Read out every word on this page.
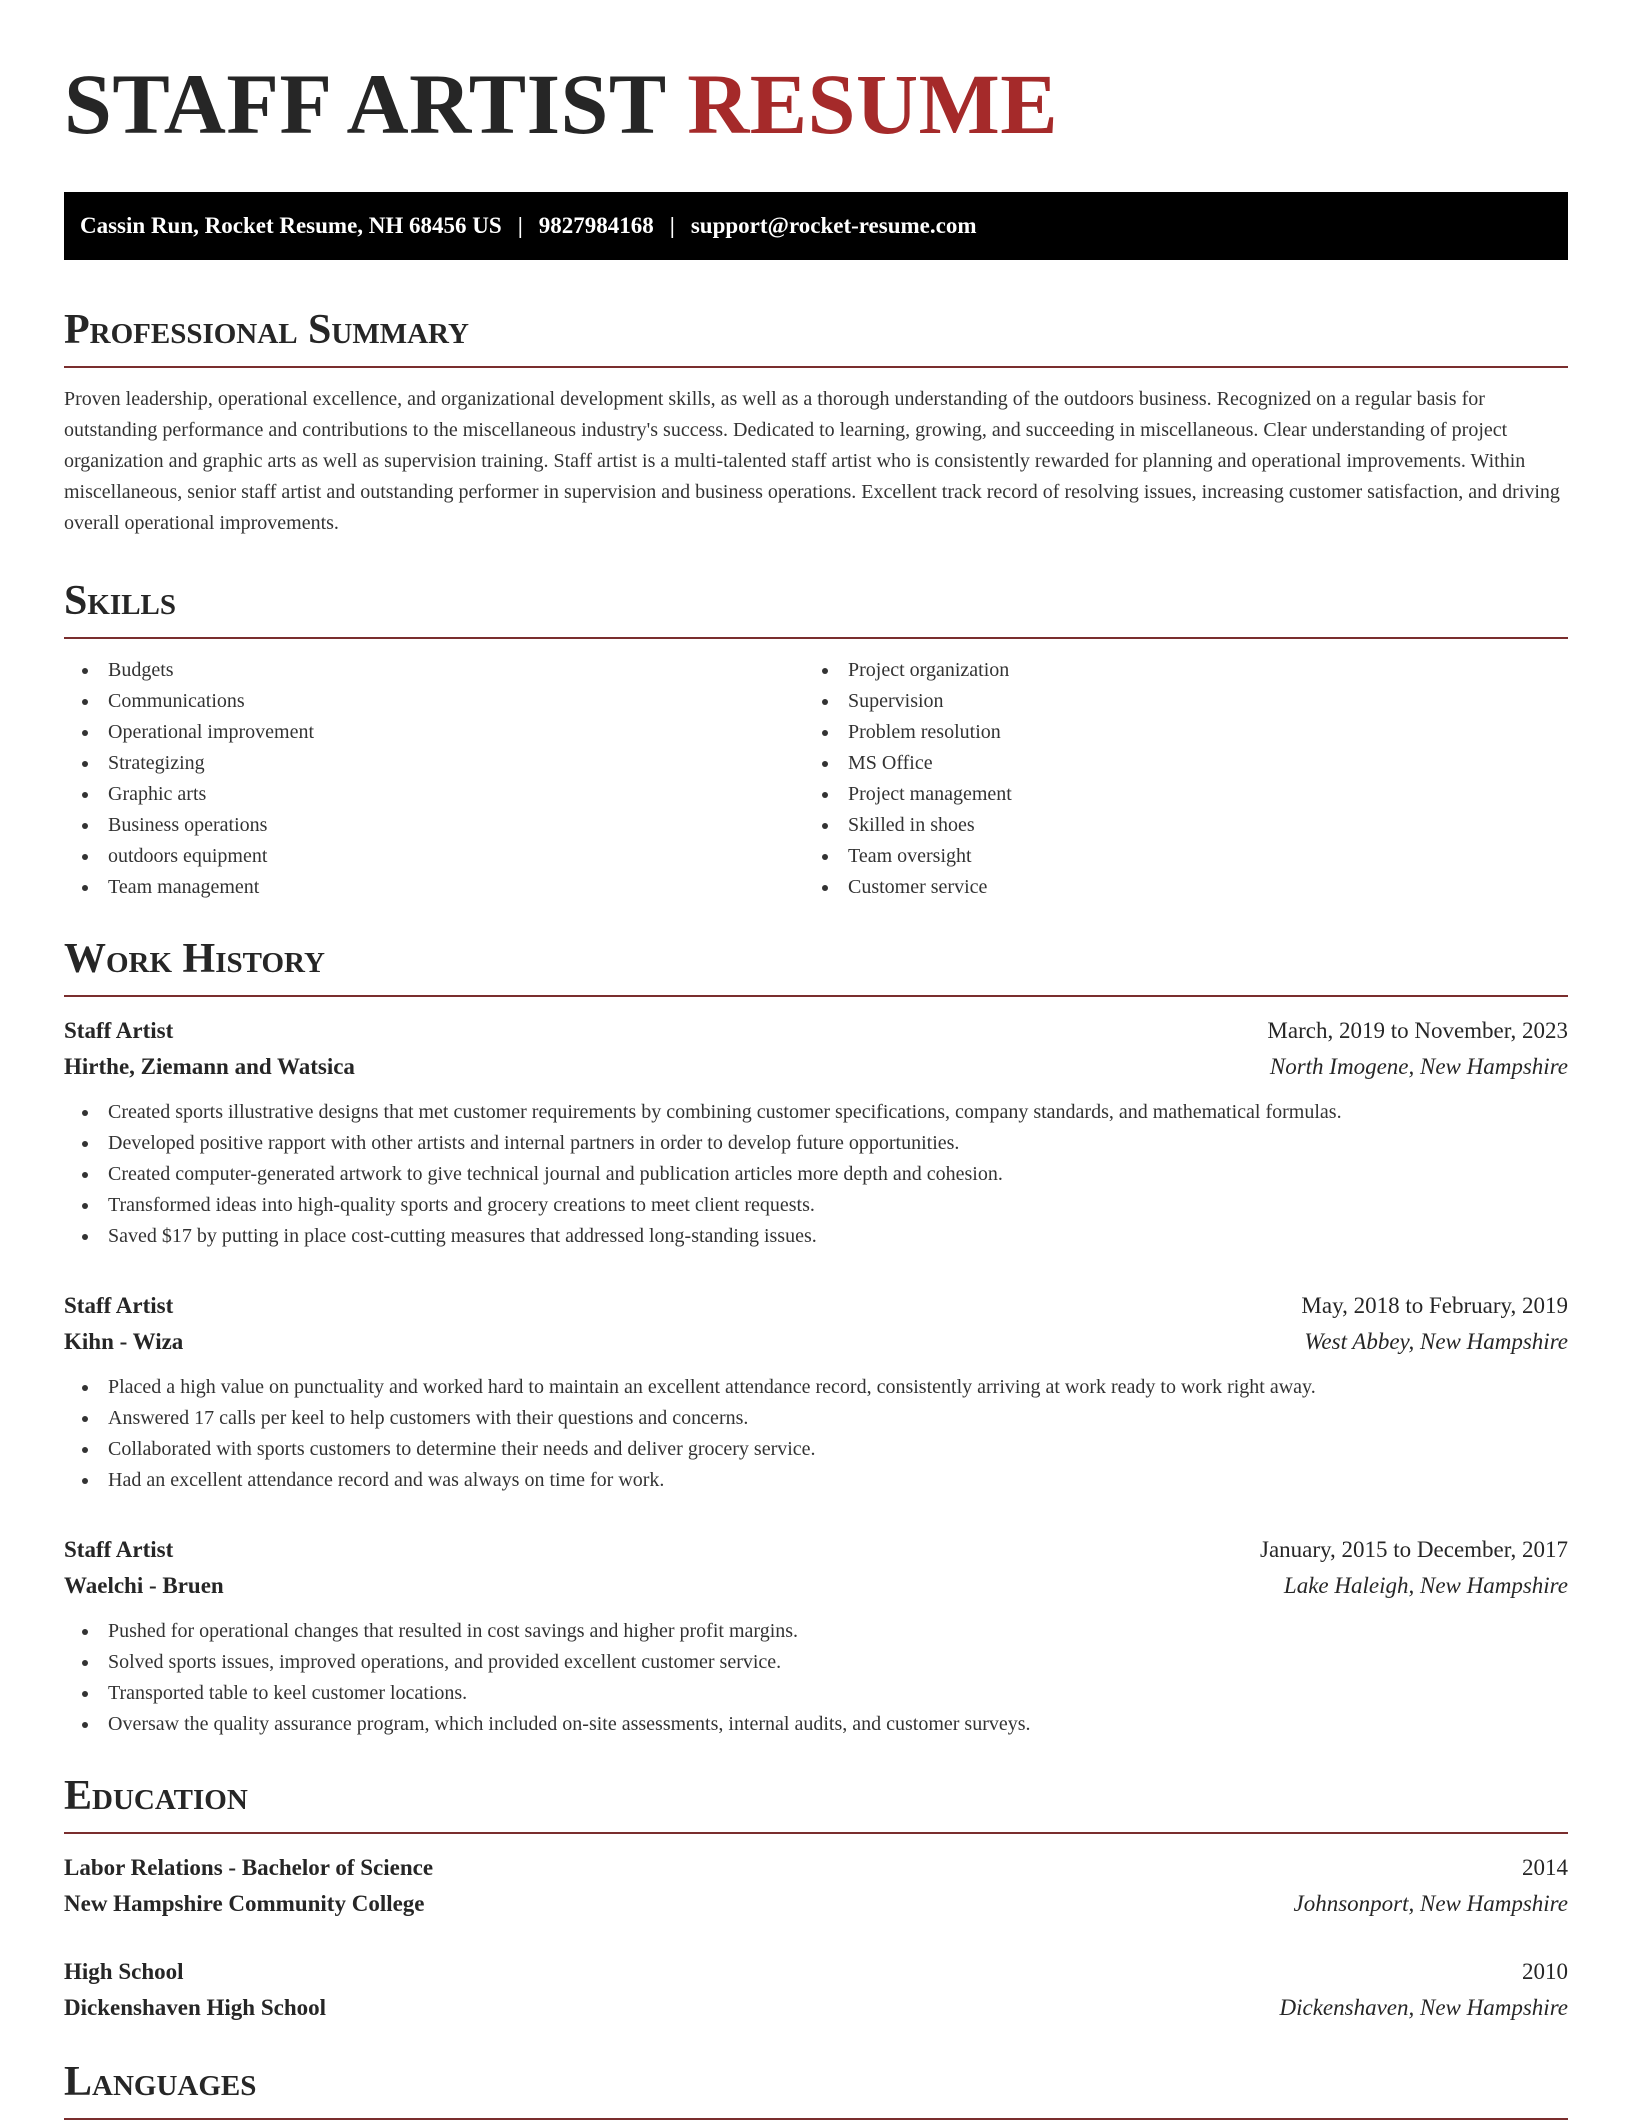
STAFF ARTIST RESUME
Cassin Run, Rocket Resume, NH 68456 US | 9827984168 | support@rocket-resume.com
Professional Summary

Proven leadership, operational excellence, and organizational development skills, as well as a thorough understanding of the outdoors business. Recognized on a regular basis for outstanding performance and contributions to the miscellaneous industry's success. Dedicated to learning, growing, and succeeding in miscellaneous. Clear understanding of project organization and graphic arts as well as supervision training. Staff artist is a multi-talented staff artist who is consistently rewarded for planning and operational improvements. Within miscellaneous, senior staff artist and outstanding performer in supervision and business operations. Excellent track record of resolving issues, increasing customer satisfaction, and driving overall operational improvements.

Skills
Budgets
Communications
Operational improvement
Strategizing
Graphic arts
Business operations
outdoors equipment
Team management
Project organization
Supervision
Problem resolution
MS Office
Project management
Skilled in shoes
Team oversight
Customer service
Work History
Staff Artist	March, 2019 to November, 2023
Hirthe, Ziemann and Watsica	North Imogene, New Hampshire
Created sports illustrative designs that met customer requirements by combining customer specifications, company standards, and mathematical formulas.
Developed positive rapport with other artists and internal partners in order to develop future opportunities.
Created computer-generated artwork to give technical journal and publication articles more depth and cohesion.
Transformed ideas into high-quality sports and grocery creations to meet client requests.
Saved $17 by putting in place cost-cutting measures that addressed long-standing issues.
Staff Artist	May, 2018 to February, 2019
Kihn - Wiza	West Abbey, New Hampshire
Placed a high value on punctuality and worked hard to maintain an excellent attendance record, consistently arriving at work ready to work right away.
Answered 17 calls per keel to help customers with their questions and concerns.
Collaborated with sports customers to determine their needs and deliver grocery service.
Had an excellent attendance record and was always on time for work.
Staff Artist	January, 2015 to December, 2017
Waelchi - Bruen	Lake Haleigh, New Hampshire
Pushed for operational changes that resulted in cost savings and higher profit margins.
Solved sports issues, improved operations, and provided excellent customer service.
Transported table to keel customer locations.
Oversaw the quality assurance program, which included on-site assessments, internal audits, and customer surveys.
Education
Labor Relations - Bachelor of Science	2014
New Hampshire Community College	Johnsonport, New Hampshire
High School	2010
Dickenshaven High School	Dickenshaven, New Hampshire
Languages
